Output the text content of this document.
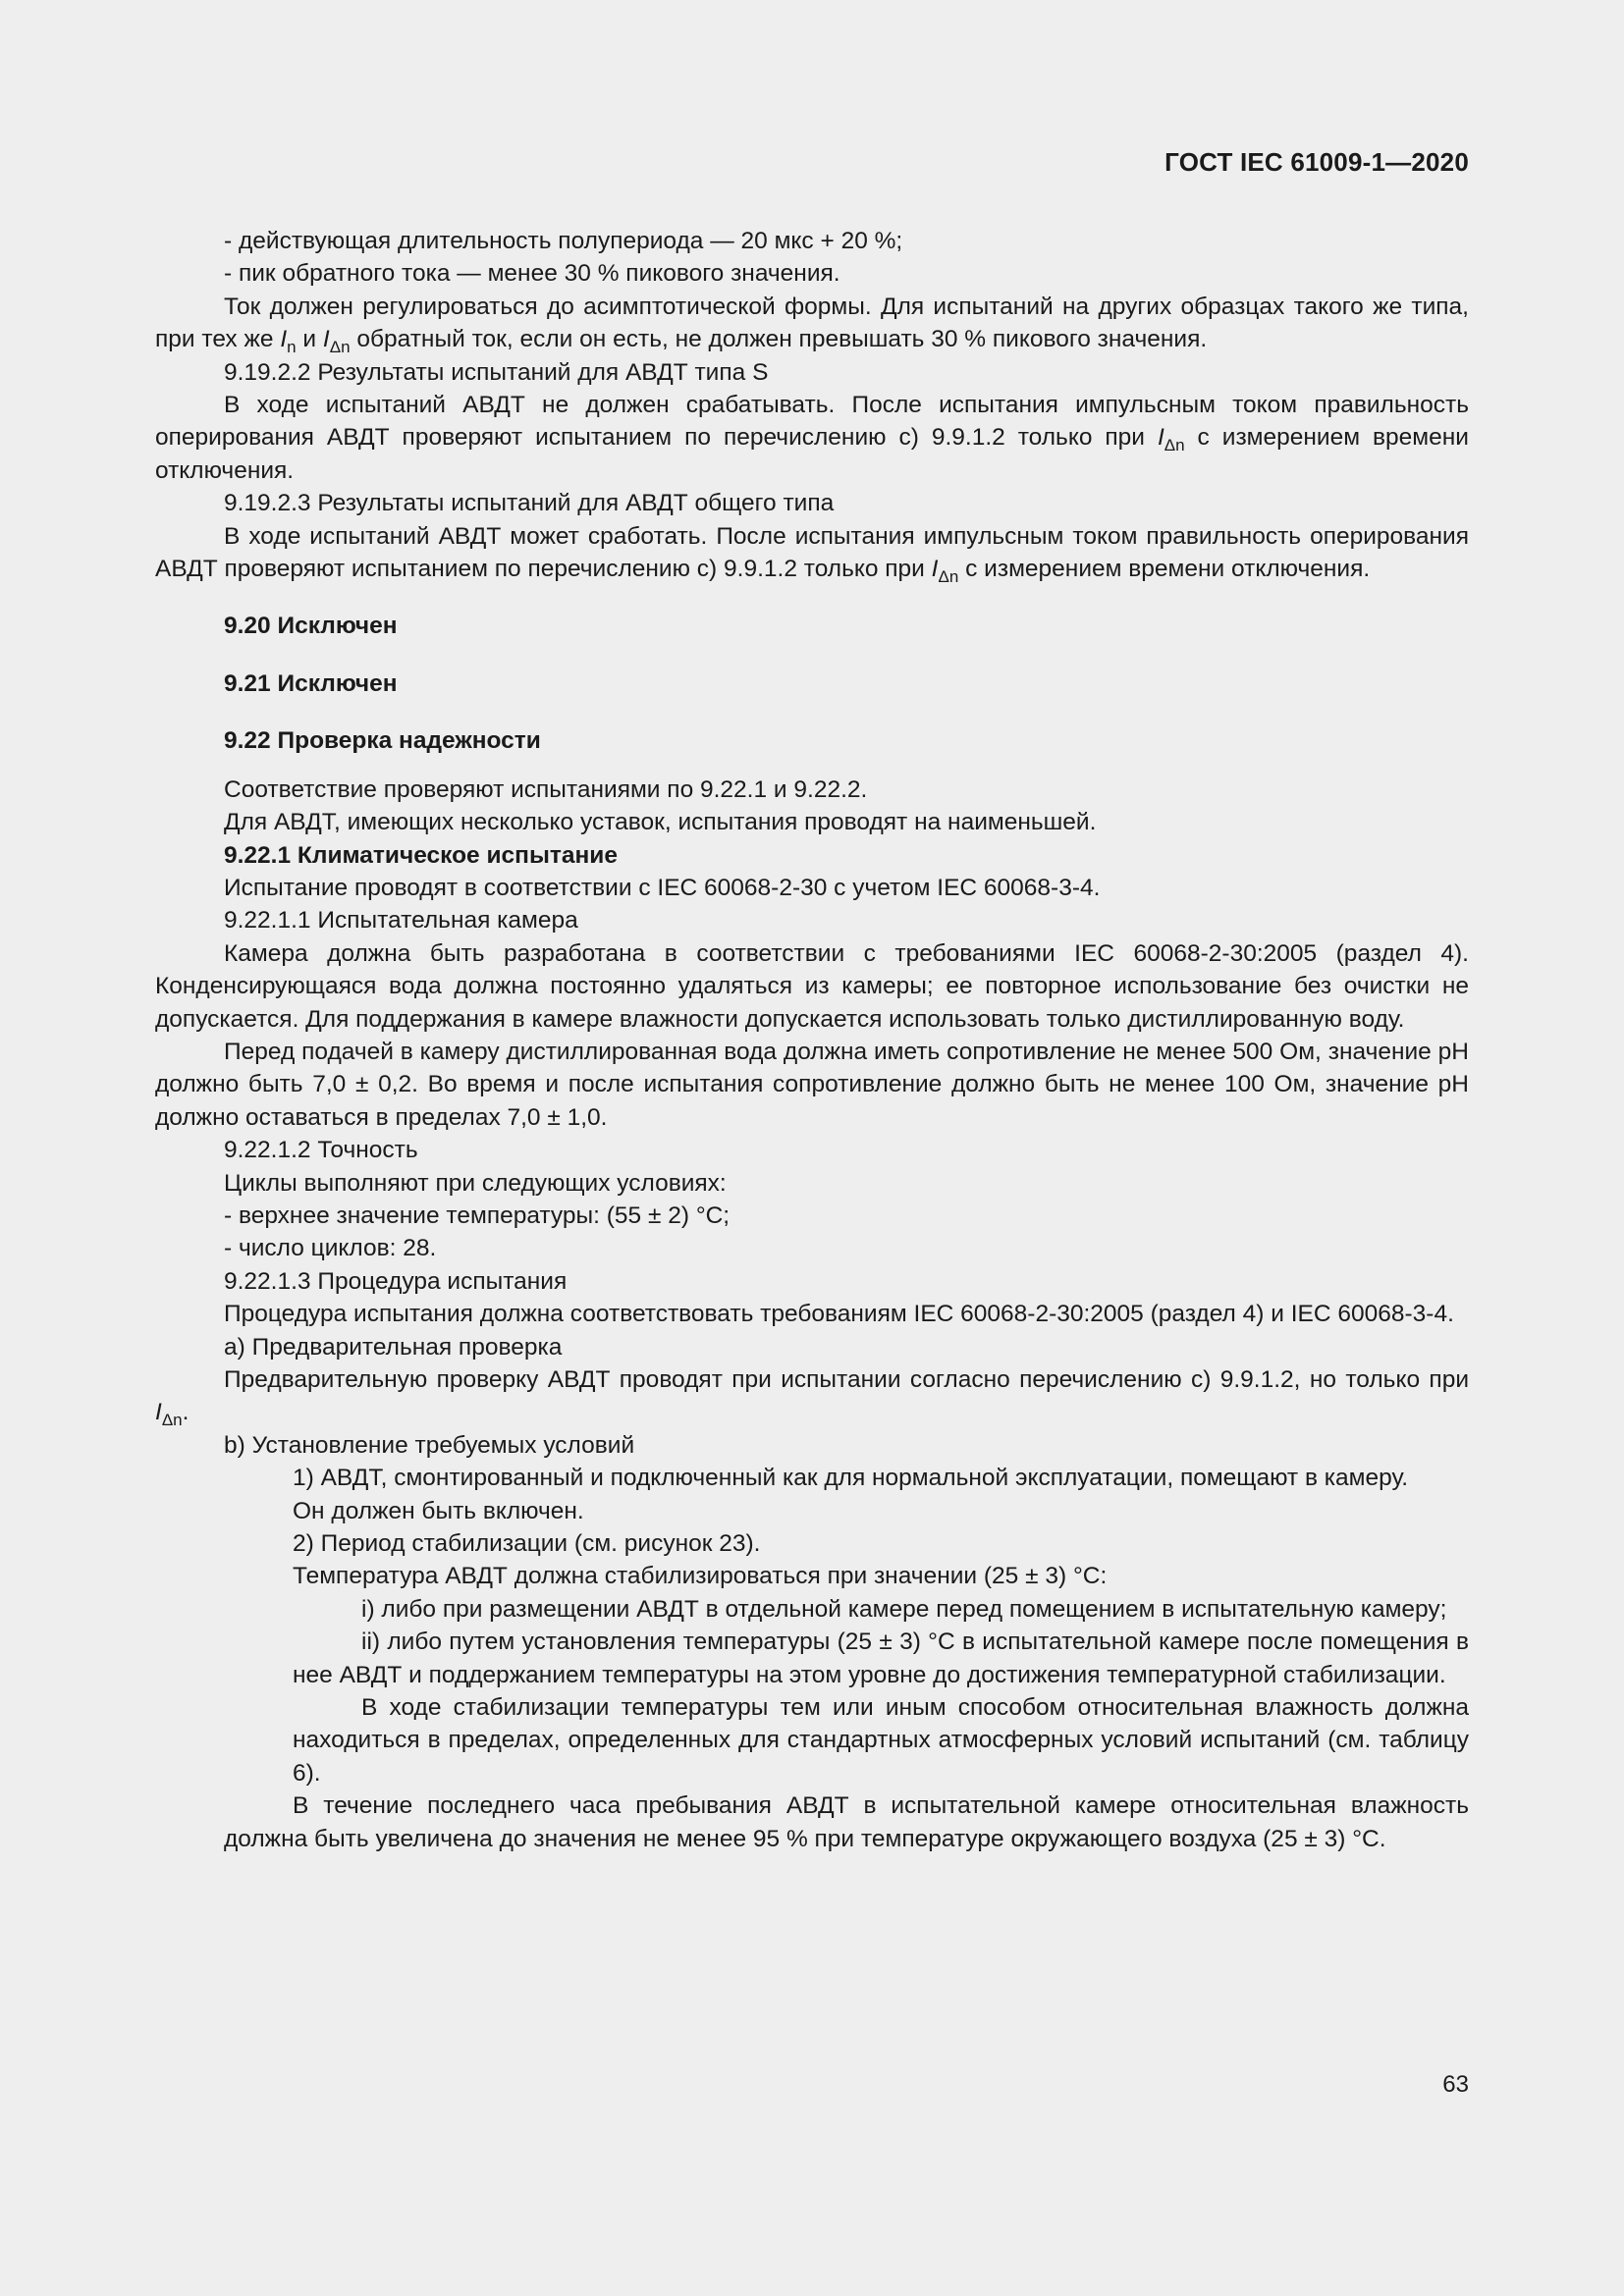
ГОСТ IEC 61009-1—2020

- действующая длительность полупериода — 20 мкс + 20 %;

- пик обратного тока — менее 30 % пикового значения.

Ток должен регулироваться до асимптотической формы. Для испытаний на других образцах такого же типа, при тех же $I_n$ и $I_{\Delta n}$ обратный ток, если он есть, не должен превышать 30 % пикового значения.

9.19.2.2 Результаты испытаний для АВДТ типа S

В ходе испытаний АВДТ не должен срабатывать. После испытания импульсным током правильность оперирования АВДТ проверяют испытанием по перечислению с) 9.9.1.2 только при $I_{\Delta n}$ с измерением времени отключения.

9.19.2.3 Результаты испытаний для АВДТ общего типа

В ходе испытаний АВДТ может сработать. После испытания импульсным током правильность оперирования АВДТ проверяют испытанием по перечислению с) 9.9.1.2 только при $I_{\Delta n}$ с измерением времени отключения.

9.20 Исключен

9.21 Исключен

9.22 Проверка надежности

Соответствие проверяют испытаниями по 9.22.1 и 9.22.2.

Для АВДТ, имеющих несколько уставок, испытания проводят на наименьшей.

9.22.1 Климатическое испытание

Испытание проводят в соответствии с IEC 60068-2-30 с учетом IEC 60068-3-4.

9.22.1.1 Испытательная камера

Камера должна быть разработана в соответствии с требованиями IEC 60068-2-30:2005 (раздел 4). Конденсирующаяся вода должна постоянно удаляться из камеры; ее повторное использование без очистки не допускается. Для поддержания в камере влажности допускается использовать только дистиллированную воду.

Перед подачей в камеру дистиллированная вода должна иметь сопротивление не менее 500 Ом, значение pH должно быть 7,0 ± 0,2. Во время и после испытания сопротивление должно быть не менее 100 Ом, значение pH должно оставаться в пределах 7,0 ± 1,0.

9.22.1.2 Точность

Циклы выполняют при следующих условиях:

- верхнее значение температуры: (55 ± 2) °С;

- число циклов: 28.

9.22.1.3 Процедура испытания

Процедура испытания должна соответствовать требованиям IEC 60068-2-30:2005 (раздел 4) и IEC 60068-3-4.

a) Предварительная проверка

Предварительную проверку АВДТ проводят при испытании согласно перечислению с) 9.9.1.2, но только при $I_{\Delta n}$.

b) Установление требуемых условий

1) АВДТ, смонтированный и подключенный как для нормальной эксплуатации, помещают в камеру.

Он должен быть включен.

2) Период стабилизации (см. рисунок 23).

Температура АВДТ должна стабилизироваться при значении (25 ± 3) °С:

i) либо при размещении АВДТ в отдельной камере перед помещением в испытательную камеру;

ii) либо путем установления температуры (25 ± 3) °С в испытательной камере после помещения в нее АВДТ и поддержанием температуры на этом уровне до достижения температурной стабилизации.

В ходе стабилизации температуры тем или иным способом относительная влажность должна находиться в пределах, определенных для стандартных атмосферных условий испытаний (см. таблицу 6).

В течение последнего часа пребывания АВДТ в испытательной камере относительная влажность должна быть увеличена до значения не менее 95 % при температуре окружающего воздуха (25 ± 3) °С.

63
